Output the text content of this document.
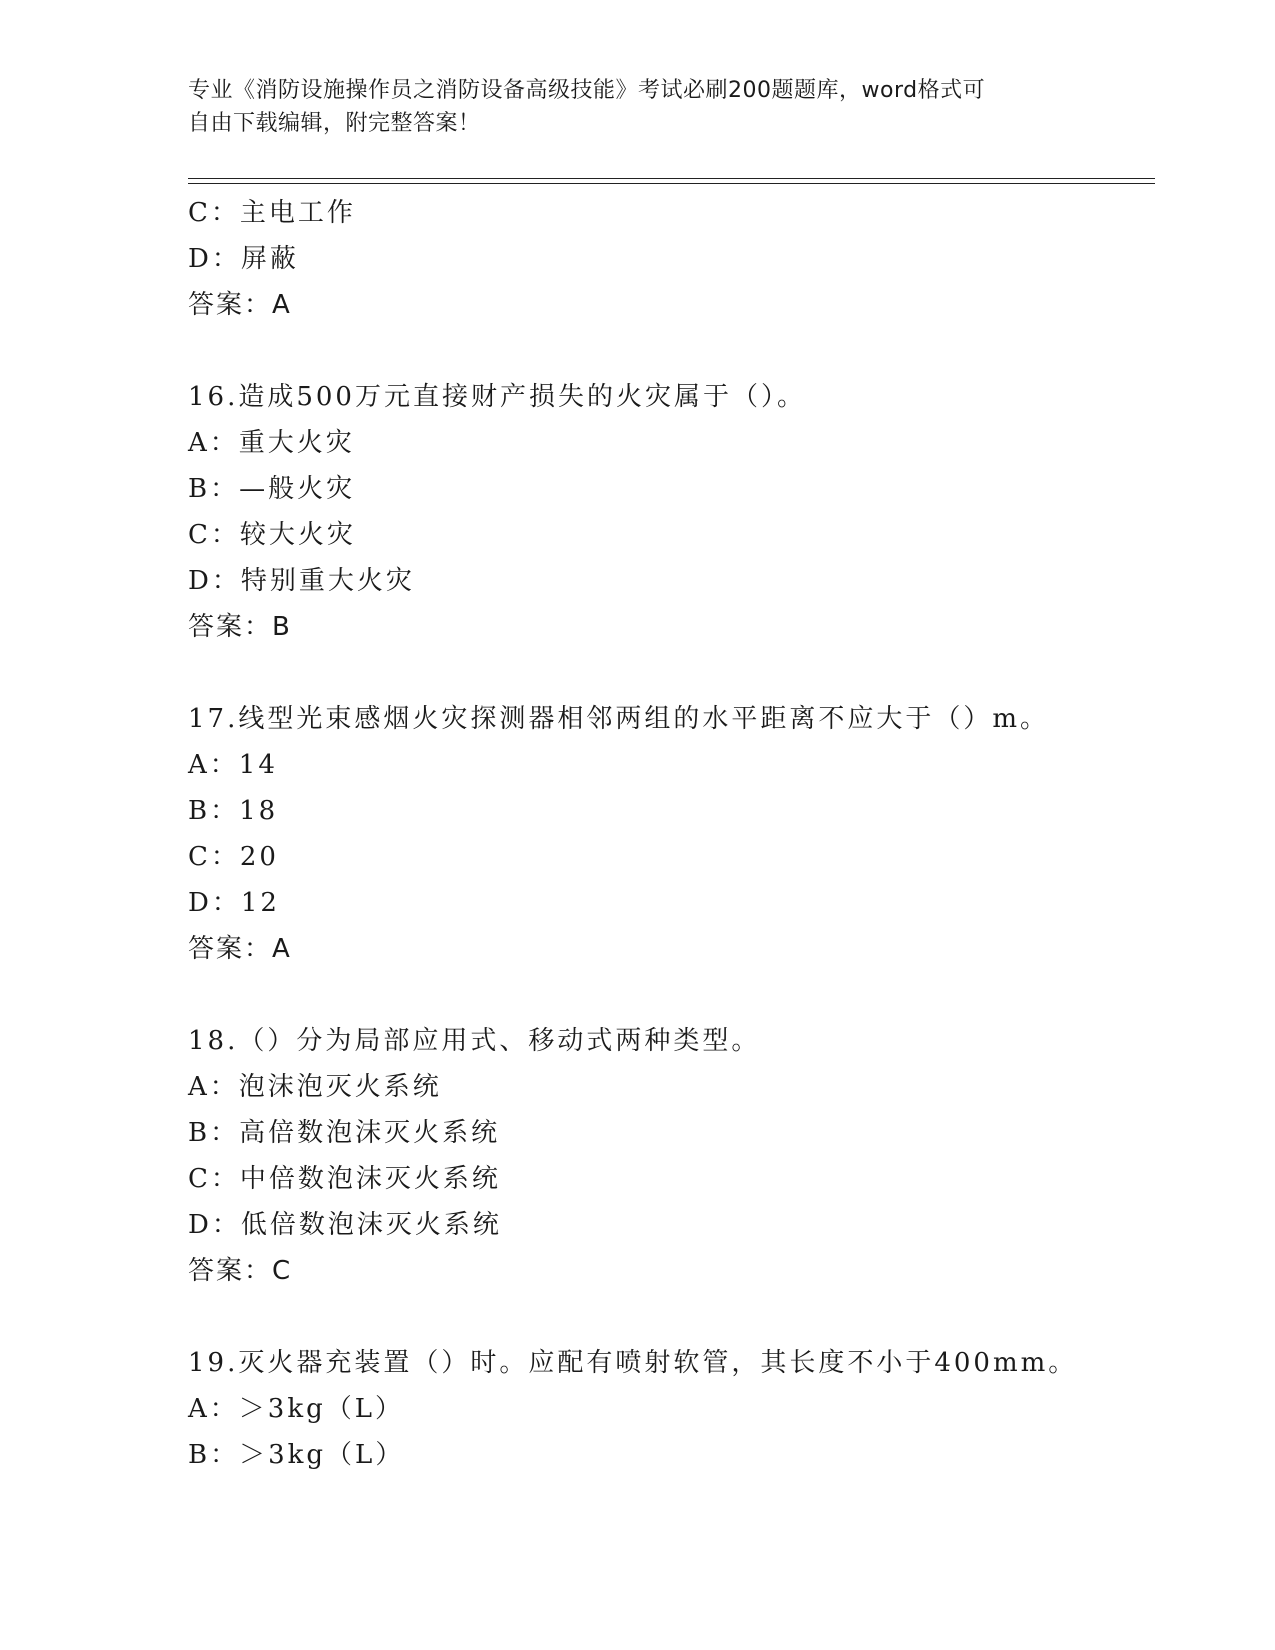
专业《消防设施操作员之消防设备高级技能》考试必刷200题题库，word格式可
自由下载编辑，附完整答案！
C：主电工作
D：屏蔽
答案：A
16.造成500万元直接财产损失的火灾属于（）。
A：重大火灾
B：—般火灾
C：较大火灾
D：特别重大火灾
答案：B
17.线型光束感烟火灾探测器相邻两组的水平距离不应大于（）m。
A：14
B：18
C：20
D：12
答案：A
18.（）分为局部应用式、移动式两种类型。
A：泡沫泡灭火系统
B：高倍数泡沫灭火系统
C：中倍数泡沫灭火系统
D：低倍数泡沫灭火系统
答案：C
19.灭火器充装置（）时。应配有喷射软管，其长度不小于400mm。
A：＞3kg（L）
B：＞3kg（L）
